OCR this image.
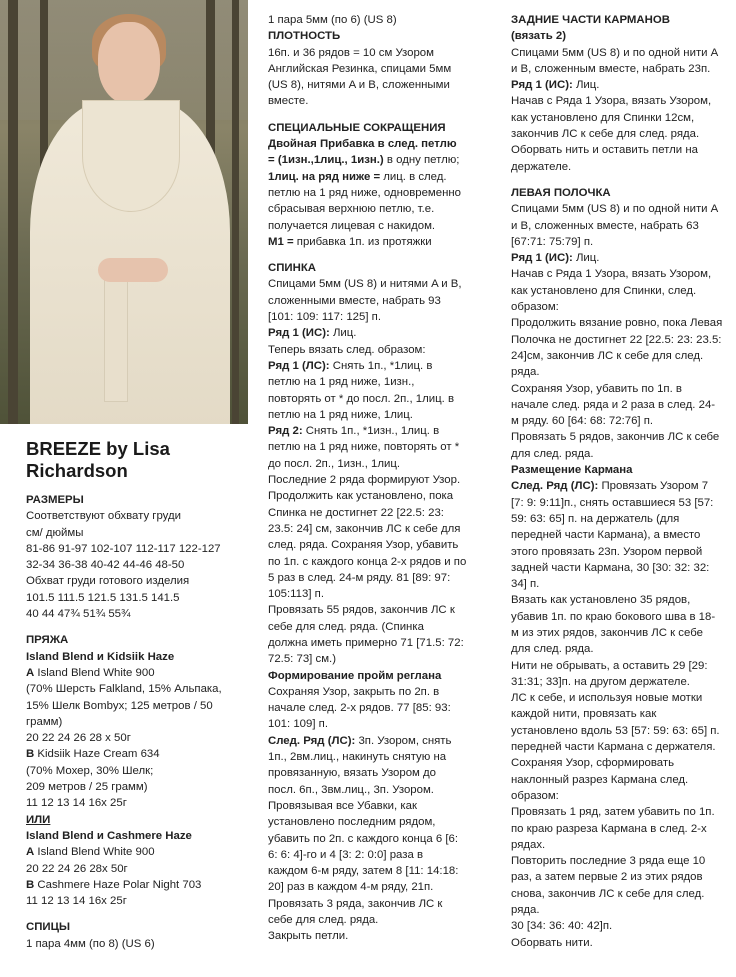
BREEZE by Lisa
Richardson
РАЗМЕРЫ
Соответствуют обхвату груди
см/ дюймы
81-86 91-97 102-107 112-117 122-127
32-34 36-38 40-42 44-46 48-50
Обхват груди готового изделия
101.5 111.5 121.5 131.5 141.5
40 44 47¾ 51¾ 55¾
ПРЯЖА
Island Blend и Kidsiik Haze
A Island Blend White 900
(70% Шерсть Falkland, 15% Альпака,
15% Шелк Bombyx; 125 метров / 50
грамм)
20 22 24 26 28 x 50г
B Kidsiik Haze Cream 634
(70% Мохер, 30% Шелк;
209 метров / 25 грамм)
11 12 13 14 16x 25г
ИЛИ
Island Blend и Cashmere Haze
A Island Blend White 900
20 22 24 26 28x 50г
B Cashmere Haze Polar Night 703
11 12 13 14 16x 25г
СПИЦЫ
1 пара 4мм (по 8) (US 6)
1 пара 5мм (по 6) (US 8)
ПЛОТНОСТЬ
16п. и 36 рядов = 10 см Узором
Английская Резинка, спицами 5мм
(US 8), нитями A и B, сложенными
вместе.
СПЕЦИАЛЬНЫЕ СОКРАЩЕНИЯ
Двойная Прибавка в след. петлю
= (1изн.,1лиц., 1изн.) в одну петлю;
1лиц. на ряд ниже = лиц. в след.
петлю на 1 ряд ниже, одновременно
сбрасывая верхнюю петлю, т.е.
получается лицевая с накидом.
M1 = прибавка 1п. из протяжки
СПИНКА
Спицами 5мм (US 8) и нитями A и B,
сложенными вместе, набрать 93
[101: 109: 117: 125] п.
Ряд 1 (ИС): Лиц.
Теперь вязать след. образом:
Ряд 1 (ЛС): Снять 1п., *1лиц. в
петлю на 1 ряд ниже, 1изн.,
повторять от * до посл. 2п., 1лиц. в
петлю на 1 ряд ниже, 1лиц.
Ряд 2: Снять 1п., *1изн., 1лиц. в
петлю на 1 ряд ниже, повторять от *
до посл. 2п., 1изн., 1лиц.
Последние 2 ряда формируют Узор.
Продолжить как установлено, пока
Спинка не достигнет 22 [22.5: 23:
23.5: 24] см, закончив ЛС к себе для
след. ряда. Сохраняя Узор, убавить
по 1п. с каждого конца 2-х рядов и по
5 раз в след. 24-м ряду. 81 [89: 97:
105:113] п.
Провязать 55 рядов, закончив ЛС к
себе для след. ряда. (Спинка
должна иметь примерно 71 [71.5: 72:
72.5: 73] см.)
Формирование пройм реглана
Сохраняя Узор, закрыть по 2п. в
начале след. 2-х рядов. 77 [85: 93:
101: 109] п.
След. Ряд (ЛС): 3п. Узором, снять
1п., 2вм.лиц., накинуть снятую на
провязанную, вязать Узором до
посл. 6п., 3вм.лиц., 3п. Узором.
Провязывая все Убавки, как
установлено последним рядом,
убавить по 2п. с каждого конца 6 [6:
6: 6: 4]-го и 4 [3: 2: 0:0] раза в
каждом 6-м ряду, затем 8 [11: 14:18:
20] раз в каждом 4-м ряду, 21п.
Провязать 3 ряда, закончив ЛС к
себе для след. ряда.
Закрыть петли.
ЗАДНИЕ ЧАСТИ КАРМАНОВ
(вязать 2)
Спицами 5мм (US 8) и по одной нити A
и B, сложенным вместе, набрать 23п.
Ряд 1 (ИС): Лиц.
Начав с Ряда 1 Узора, вязать Узором,
как установлено для Спинки 12см,
закончив ЛС к себе для след. ряда.
Оборвать нить и оставить петли на
держателе.
ЛЕВАЯ ПОЛОЧКА
Спицами 5мм (US 8) и по одной нити A
и B, сложенных вместе, набрать 63
[67:71: 75:79] п.
Ряд 1 (ИС): Лиц.
Начав с Ряда 1 Узора, вязать Узором,
как установлено для Спинки, след.
образом:
Продолжить вязание ровно, пока Левая
Полочка не достигнет 22 [22.5: 23: 23.5:
24]см, закончив ЛС к себе для след.
ряда.
Сохраняя Узор, убавить по 1п. в
начале след. ряда и 2 раза в след. 24-
м ряду. 60 [64: 68: 72:76] п.
Провязать 5 рядов, закончив ЛС к себе
для след. ряда.
Размещение Кармана
След. Ряд (ЛС): Провязать Узором 7
[7: 9: 9:11]п., снять оставшиеся 53 [57:
59: 63: 65] п. на держатель (для
передней части Кармана), а вместо
этого провязать 23п. Узором первой
задней части Кармана, 30 [30: 32: 32:
34] п.
Вязать как установлено 35 рядов,
убавив 1п. по краю бокового шва в 18-
м из этих рядов, закончив ЛС к себе
для след. ряда.
Нити не обрывать, а оставить 29 [29:
31:31; 33]п. на другом держателе.
ЛС к себе, и используя новые мотки
каждой нити, провязать как
установлено вдоль 53 [57: 59: 63: 65] п.
передней части Кармана с держателя.
Сохраняя Узор, сформировать
наклонный разрез Кармана след.
образом:
Провязать 1 ряд, затем убавить по 1п.
по краю разреза Кармана в след. 2-х
рядах.
Повторить последние 3 ряда еще 10
раз, а затем первые 2 из этих рядов
снова, закончив ЛС к себе для след.
ряда.
30 [34: 36: 40: 42]п.
Оборвать нити.
